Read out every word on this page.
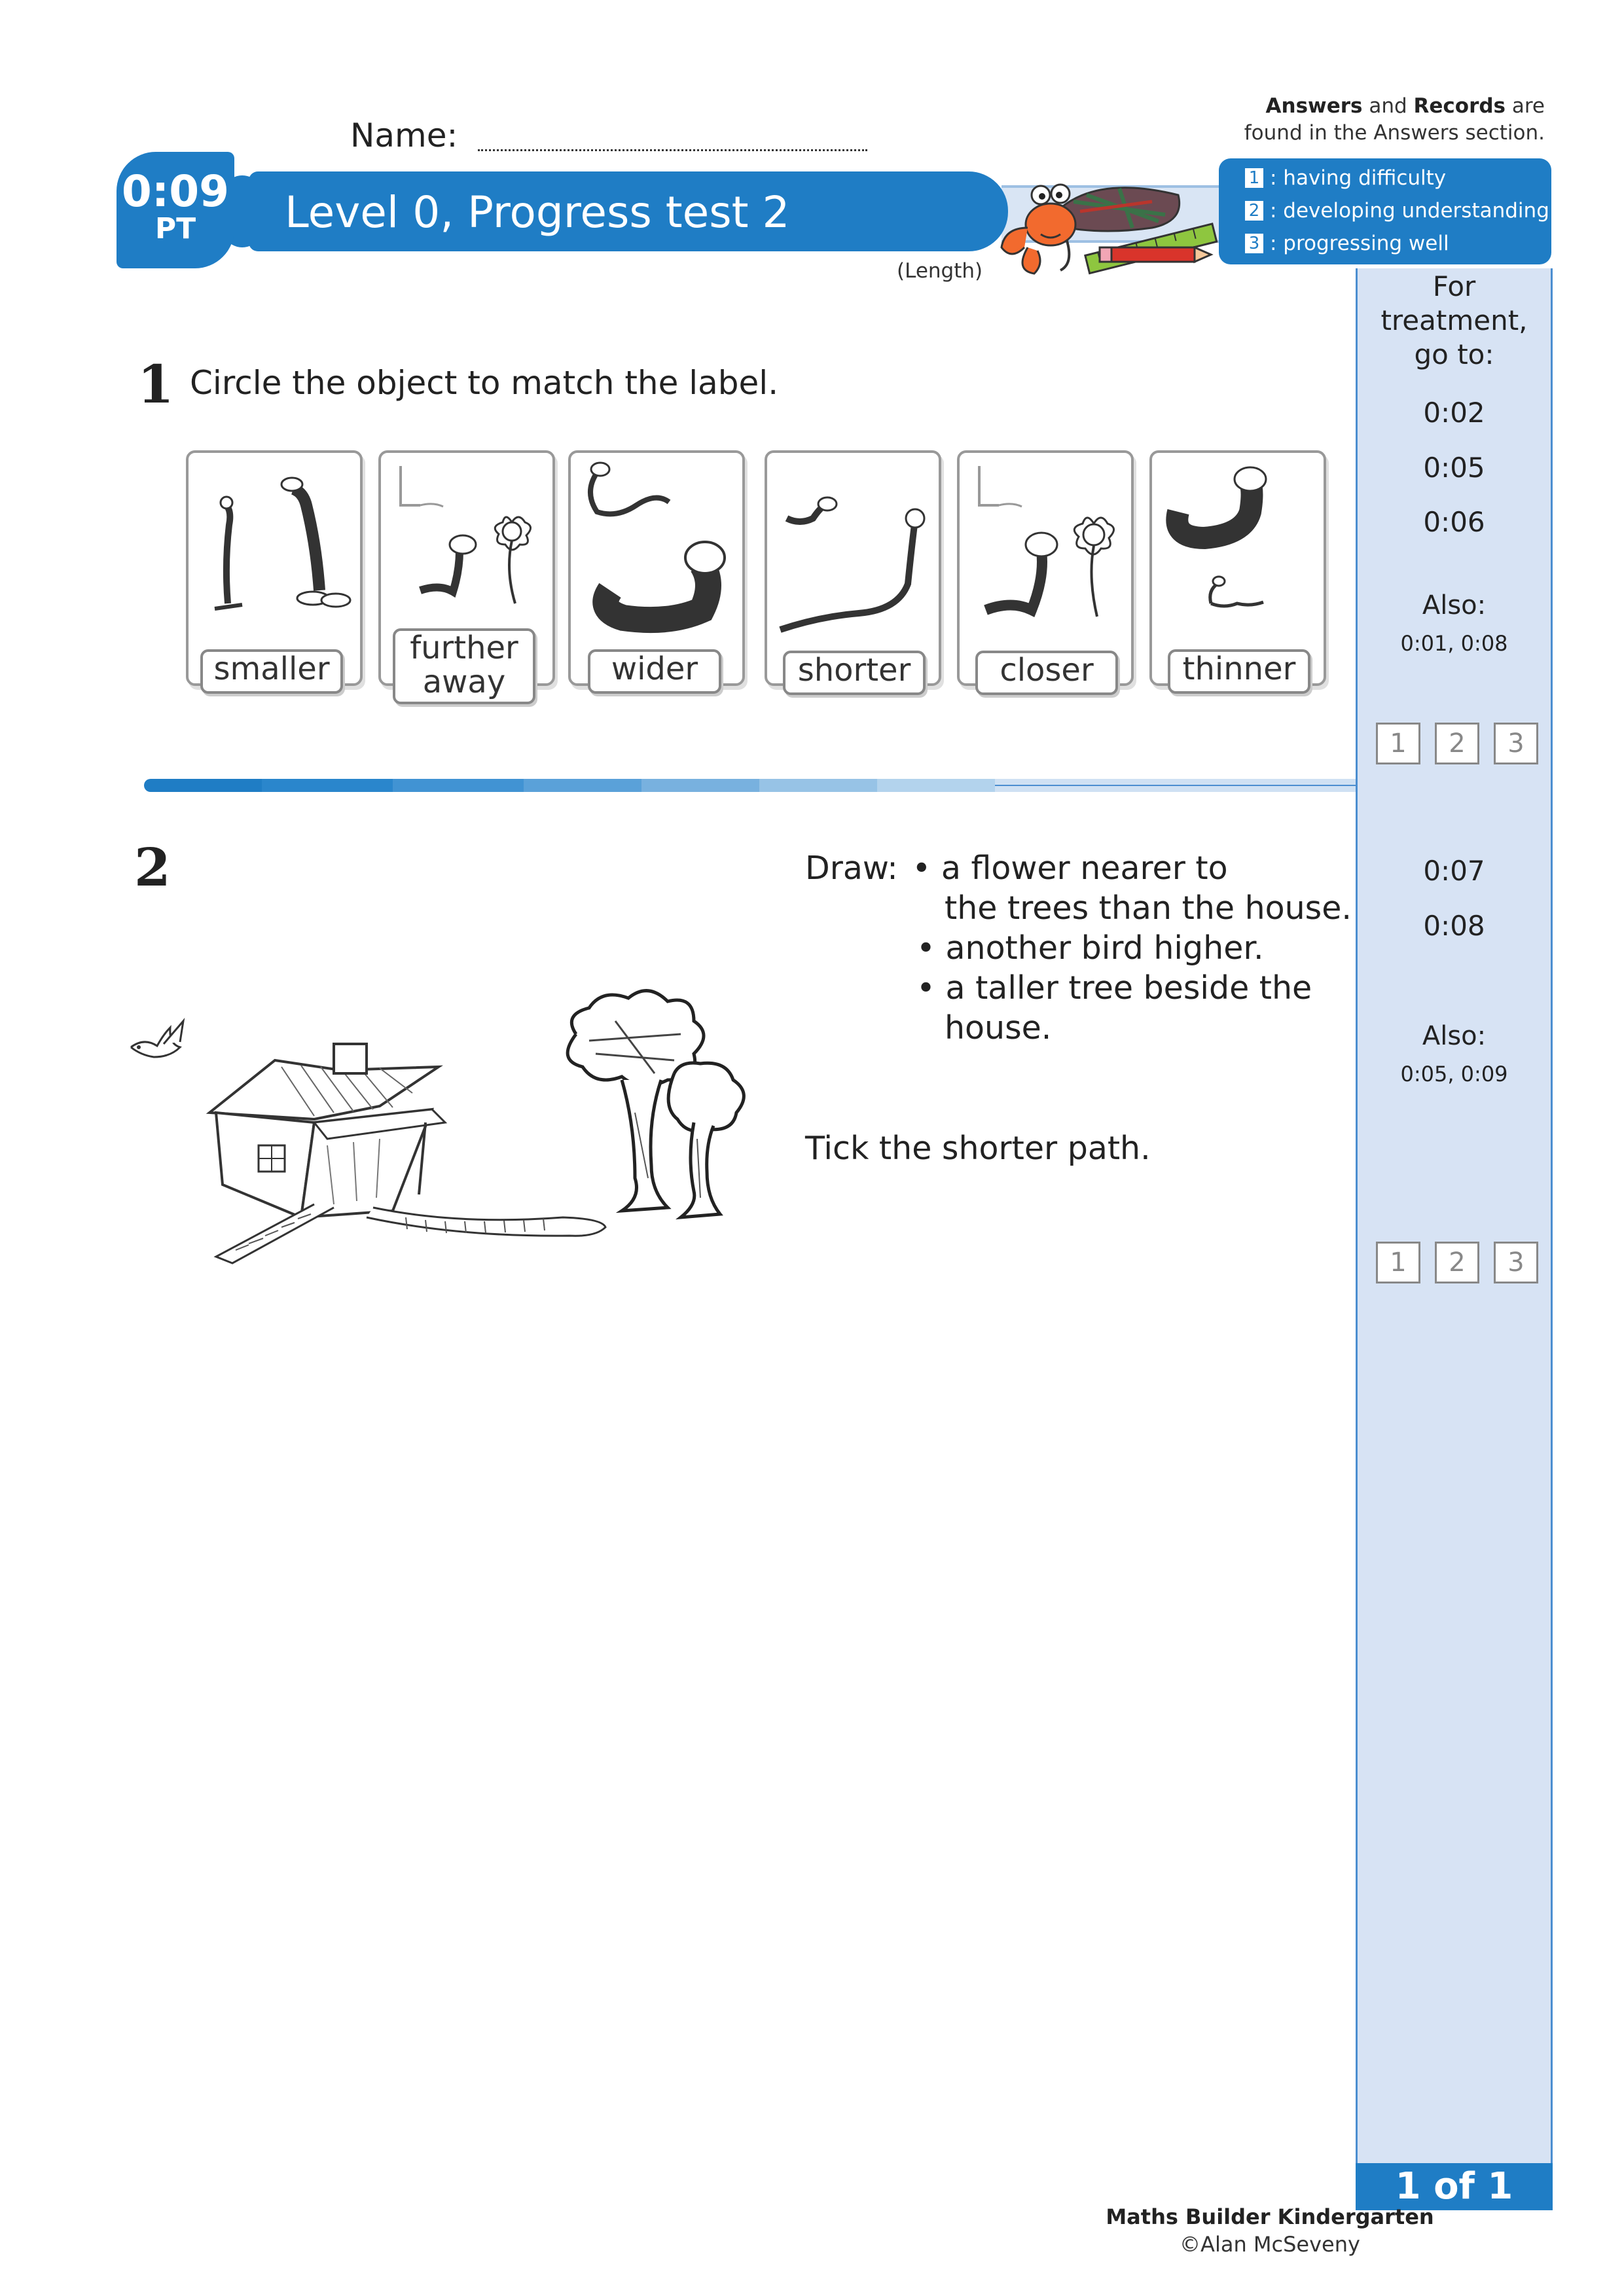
Name:
Answers and Records are
found in the Answers section.
Level 0, Progress test 2
0:09
PT
(Length)
1 : having difficulty
2 : developing understanding
3 : progressing well
For treatment,
go to:
0:02
0:05
0:06
Also:
0:01, 0:08
1	2	3
0:07
0:08
Also:
0:05, 0:09
1	2	3
1 of 1
1 Circle the object to match the label.
smaller
further
away	wider	shorter	closer	thinner
2	Draw: • a flower nearer to
the trees than the house.
• another bird higher.
• a taller tree beside the
house.
Tick the shorter path.
Maths Builder Kindergarten
©Alan McSeveny
